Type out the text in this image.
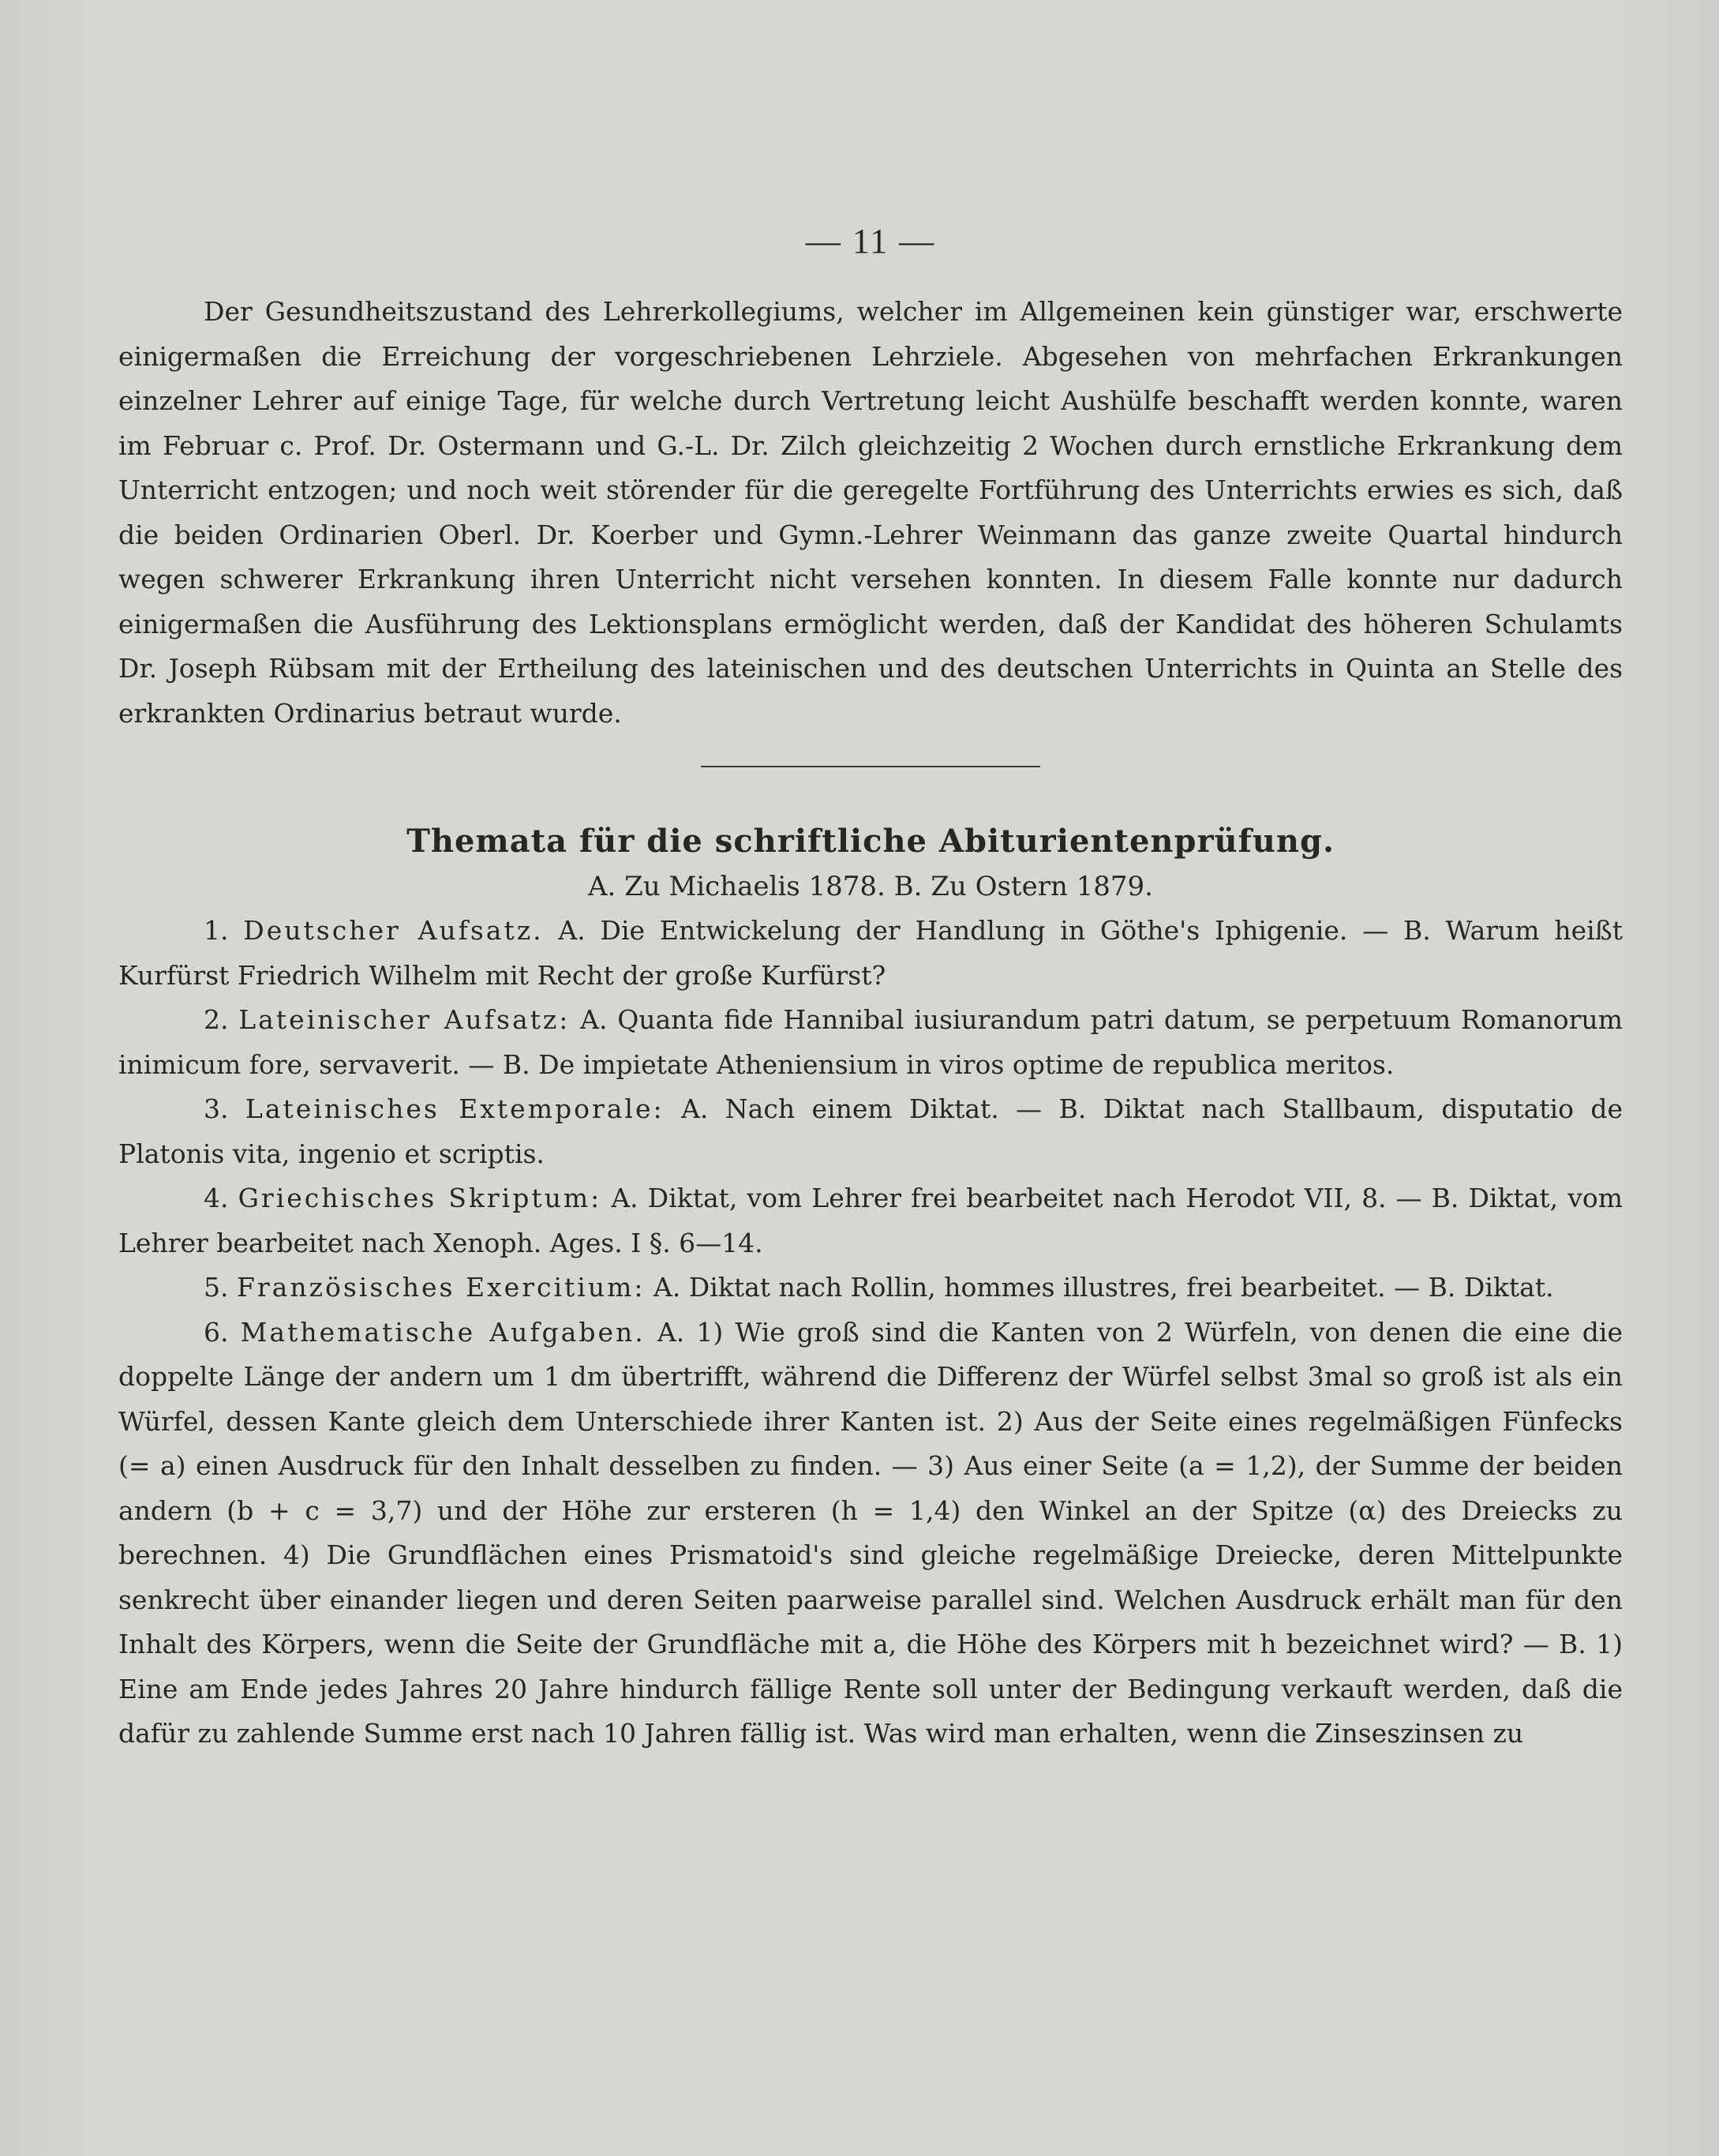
— 11 —

Der Gesundheitszustand des Lehrerkollegiums, welcher im Allgemeinen kein günstiger war, erschwerte einigermaßen die Erreichung der vorgeschriebenen Lehrziele. Abgesehen von mehrfachen Erkrankungen einzelner Lehrer auf einige Tage, für welche durch Vertretung leicht Aushülfe beschafft werden konnte, waren im Februar c. Prof. Dr. Ostermann und G.-L. Dr. Zilch gleichzeitig 2 Wochen durch ernstliche Erkrankung dem Unterricht entzogen; und noch weit störender für die geregelte Fortführung des Unterrichts erwies es sich, daß die beiden Ordinarien Oberl. Dr. Koerber und Gymn.-Lehrer Weinmann das ganze zweite Quartal hindurch wegen schwerer Erkrankung ihren Unterricht nicht versehen konnten. In diesem Falle konnte nur dadurch einigermaßen die Ausführung des Lektionsplans ermöglicht werden, daß der Kandidat des höheren Schulamts Dr. Joseph Rübsam mit der Ertheilung des lateinischen und des deutschen Unterrichts in Quinta an Stelle des erkrankten Ordinarius betraut wurde.

Themata für die schriftliche Abiturientenprüfung.
A. Zu Michaelis 1878. B. Zu Ostern 1879.

1. Deutscher Aufsatz. A. Die Entwickelung der Handlung in Göthe's Iphigenie. — B. Warum heißt Kurfürst Friedrich Wilhelm mit Recht der große Kurfürst?

2. Lateinischer Aufsatz: A. Quanta fide Hannibal iusiurandum patri datum, se perpetuum Romanorum inimicum fore, servaverit. — B. De impietate Atheniensium in viros optime de republica meritos.

3. Lateinisches Extemporale: A. Nach einem Diktat. — B. Diktat nach Stallbaum, disputatio de Platonis vita, ingenio et scriptis.

4. Griechisches Skriptum: A. Diktat, vom Lehrer frei bearbeitet nach Herodot VII, 8. — B. Diktat, vom Lehrer bearbeitet nach Xenoph. Ages. I §. 6—14.

5. Französisches Exercitium: A. Diktat nach Rollin, hommes illustres, frei bearbeitet. — B. Diktat.

6. Mathematische Aufgaben. A. 1) Wie groß sind die Kanten von 2 Würfeln, von denen die eine die doppelte Länge der andern um 1 dm übertrifft, während die Differenz der Würfel selbst 3mal so groß ist als ein Würfel, dessen Kante gleich dem Unterschiede ihrer Kanten ist. 2) Aus der Seite eines regelmäßigen Fünfecks (= a) einen Ausdruck für den Inhalt desselben zu finden. — 3) Aus einer Seite (a = 1,2), der Summe der beiden andern (b + c = 3,7) und der Höhe zur ersteren (h = 1,4) den Winkel an der Spitze (α) des Dreiecks zu berechnen. 4) Die Grundflächen eines Prismatoid's sind gleiche regelmäßige Dreiecke, deren Mittelpunkte senkrecht über einander liegen und deren Seiten paarweise parallel sind. Welchen Ausdruck erhält man für den Inhalt des Körpers, wenn die Seite der Grundfläche mit a, die Höhe des Körpers mit h bezeichnet wird? — B. 1) Eine am Ende jedes Jahres 20 Jahre hindurch fällige Rente soll unter der Bedingung verkauft werden, daß die dafür zu zahlende Summe erst nach 10 Jahren fällig ist. Was wird man erhalten, wenn die Zinseszinsen zu
